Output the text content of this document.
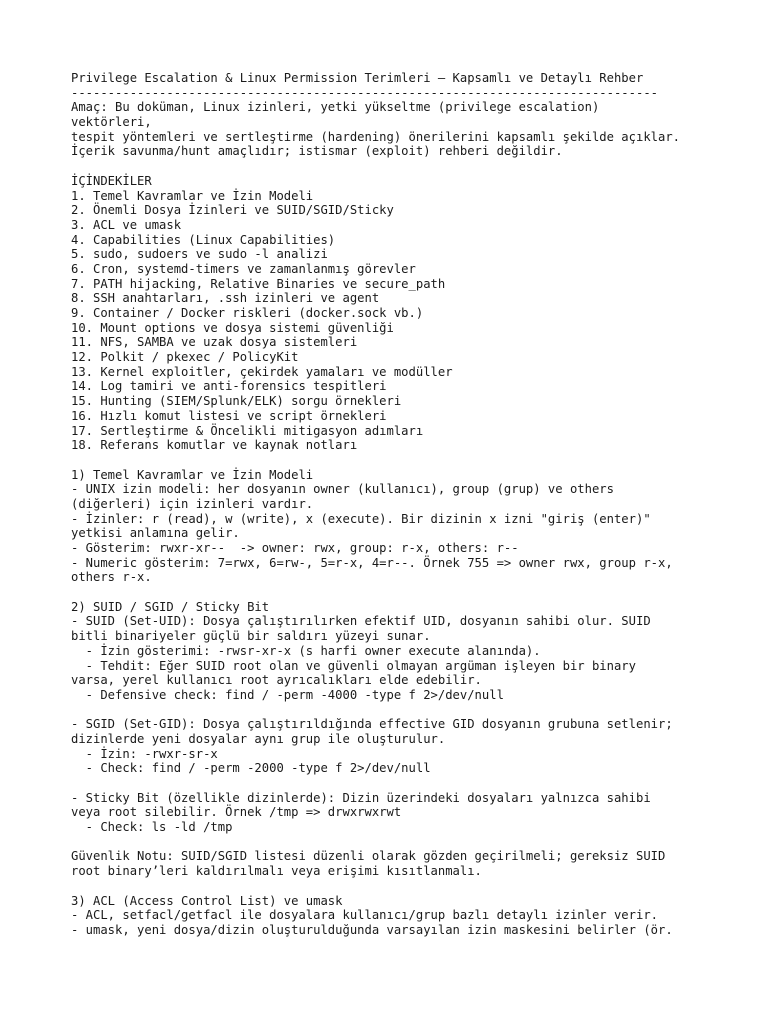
Privilege Escalation & Linux Permission Terimleri — Kapsamlı ve Detaylı Rehber
--------------------------------------------------------------------------------
Amaç: Bu doküman, Linux izinleri, yetki yükseltme (privilege escalation)
vektörleri,
tespit yöntemleri ve sertleştirme (hardening) önerilerini kapsamlı şekilde açıklar.
İçerik savunma/hunt amaçlıdır; istismar (exploit) rehberi değildir.

İÇİNDEKİLER
1. Temel Kavramlar ve İzin Modeli
2. Önemli Dosya İzinleri ve SUID/SGID/Sticky
3. ACL ve umask
4. Capabilities (Linux Capabilities)
5. sudo, sudoers ve sudo -l analizi
6. Cron, systemd-timers ve zamanlanmış görevler
7. PATH hijacking, Relative Binaries ve secure_path
8. SSH anahtarları, .ssh izinleri ve agent
9. Container / Docker riskleri (docker.sock vb.)
10. Mount options ve dosya sistemi güvenliği
11. NFS, SAMBA ve uzak dosya sistemleri
12. Polkit / pkexec / PolicyKit
13. Kernel exploitler, çekirdek yamaları ve modüller
14. Log tamiri ve anti-forensics tespitleri
15. Hunting (SIEM/Splunk/ELK) sorgu örnekleri
16. Hızlı komut listesi ve script örnekleri
17. Sertleştirme & Öncelikli mitigasyon adımları
18. Referans komutlar ve kaynak notları

1) Temel Kavramlar ve İzin Modeli
- UNIX izin modeli: her dosyanın owner (kullanıcı), group (grup) ve others
(diğerleri) için izinleri vardır.
- İzinler: r (read), w (write), x (execute). Bir dizinin x izni "giriş (enter)"
yetkisi anlamına gelir.
- Gösterim: rwxr-xr--  -> owner: rwx, group: r-x, others: r--
- Numeric gösterim: 7=rwx, 6=rw-, 5=r-x, 4=r--. Örnek 755 => owner rwx, group r-x,
others r-x.

2) SUID / SGID / Sticky Bit
- SUID (Set-UID): Dosya çalıştırılırken efektif UID, dosyanın sahibi olur. SUID
bitli binariyeler güçlü bir saldırı yüzeyi sunar.
- İzin gösterimi: -rwsr-xr-x (s harfi owner execute alanında).
- Tehdit: Eğer SUID root olan ve güvenli olmayan argüman işleyen bir binary
varsa, yerel kullanıcı root ayrıcalıkları elde edebilir.
- Defensive check: find / -perm -4000 -type f 2>/dev/null

- SGID (Set-GID): Dosya çalıştırıldığında effective GID dosyanın grubuna setlenir;
dizinlerde yeni dosyalar aynı grup ile oluşturulur.
- İzin: -rwxr-sr-x
- Check: find / -perm -2000 -type f 2>/dev/null

- Sticky Bit (özellikle dizinlerde): Dizin üzerindeki dosyaları yalnızca sahibi
veya root silebilir. Örnek /tmp => drwxrwxrwt
- Check: ls -ld /tmp

Güvenlik Notu: SUID/SGID listesi düzenli olarak gözden geçirilmeli; gereksiz SUID
root binary’leri kaldırılmalı veya erişimi kısıtlanmalı.

3) ACL (Access Control List) ve umask
- ACL, setfacl/getfacl ile dosyalara kullanıcı/grup bazlı detaylı izinler verir.
- umask, yeni dosya/dizin oluşturulduğunda varsayılan izin maskesini belirler (ör.
